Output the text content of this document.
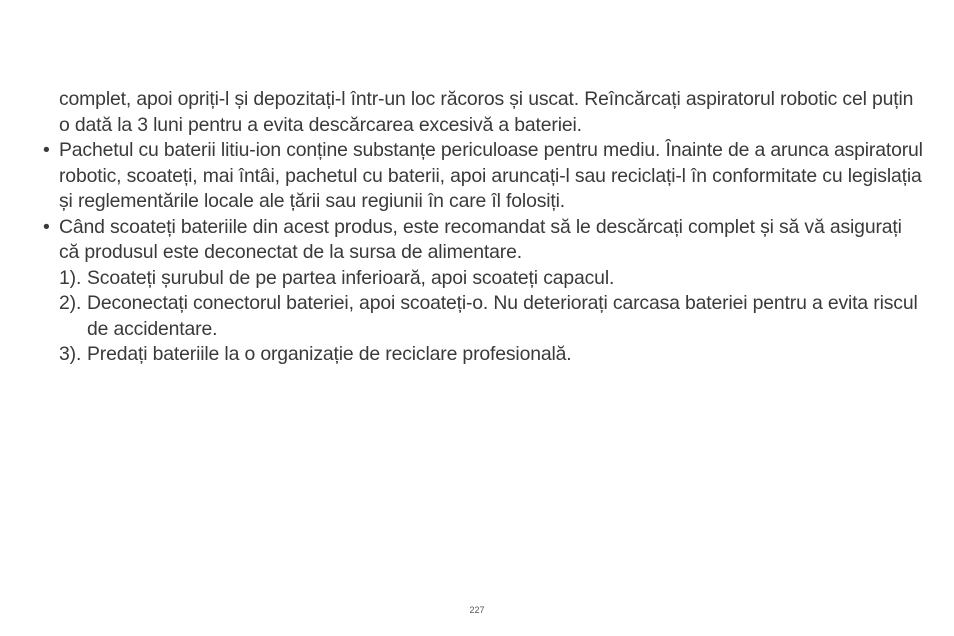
complet, apoi opriți-l și depozitați-l într-un loc răcoros și uscat. Reîncărcați aspiratorul robotic cel puțin o dată la 3 luni pentru a evita descărcarea excesivă a bateriei.

• Pachetul cu baterii litiu-ion conține substanțe periculoase pentru mediu. Înainte de a arunca aspiratorul robotic, scoateți, mai întâi, pachetul cu baterii, apoi aruncați-l sau reciclați-l în conformitate cu legislația și reglementările locale ale țării sau regiunii în care îl folosiți.
• Când scoateți bateriile din acest produs, este recomandat să le descărcați complet și să vă asigurați că produsul este deconectat de la sursa de alimentare.
1). Scoateți șurubul de pe partea inferioară, apoi scoateți capacul.
2). Deconectați conectorul bateriei, apoi scoateți-o. Nu deteriorați carcasa bateriei pentru a evita riscul de accidentare.
3). Predați bateriile la o organizație de reciclare profesională.
227
